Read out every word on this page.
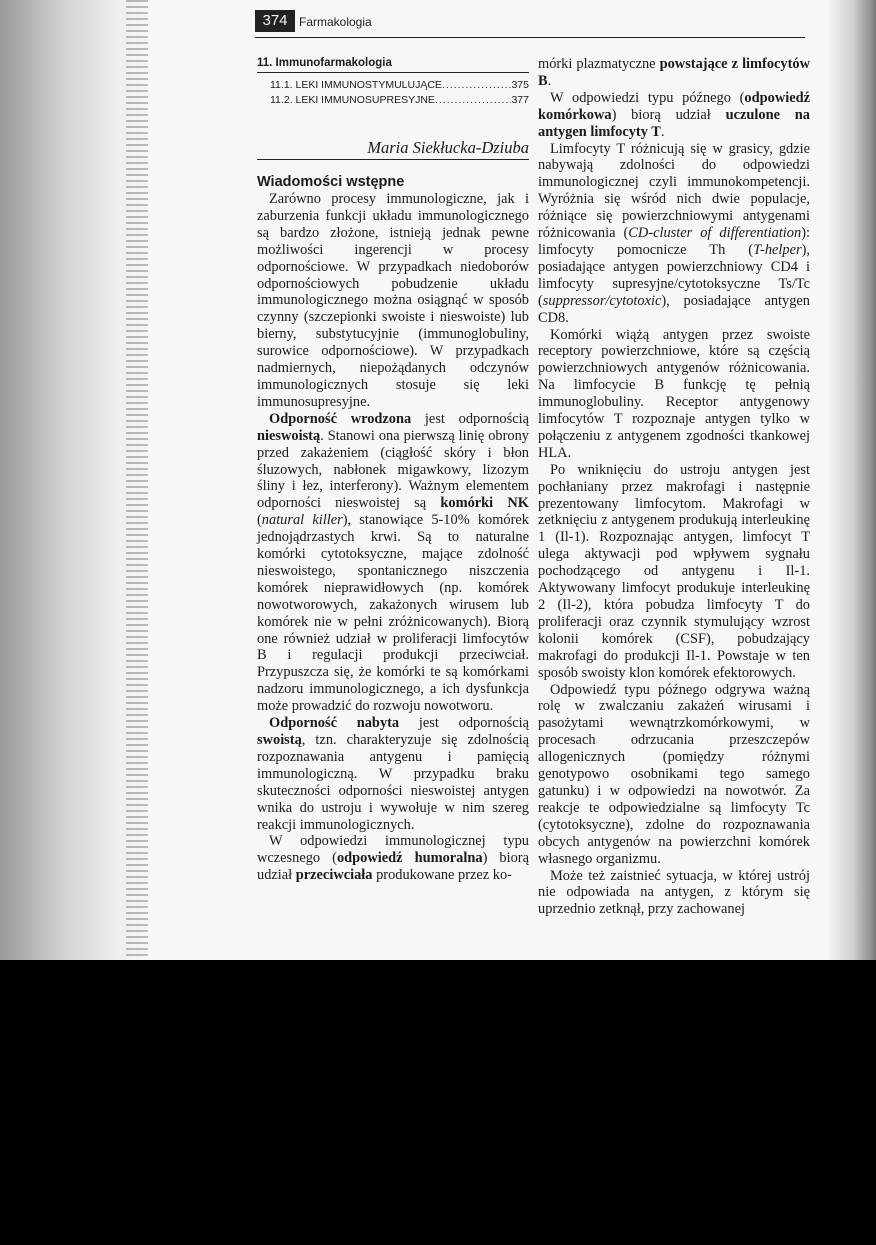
374 Farmakologia
11. Immunofarmakologia
11.1. LEKI IMMUNOSTYMULUJĄCE .....	375
11.2. LEKI IMMUNOSUPRESYJNE .....	377
Maria Siekłucka-Dziuba
Wiadomości wstępne

Zarówno procesy immunologiczne, jak i zaburzenia funkcji układu immunologicznego są bardzo złożone, istnieją jednak pewne możliwości ingerencji w procesy odpornościowe. W przypadkach niedoborów odpornościowych pobudzenie układu immunologicznego można osiągnąć w sposób czynny (szczepionki swoiste i nieswoiste) lub bierny, substytucyjnie (immunoglobuliny, surowice odpornościowe). W przypadkach nadmiernych, niepożądanych odczynów immunologicznych stosuje się leki immunosupresyjne.

Odporność wrodzona jest odpornością nieswoistą. Stanowi ona pierwszą linię obrony przed zakażeniem (ciągłość skóry i błon śluzowych, nabłonek migawkowy, lizozym śliny i łez, interferony). Ważnym elementem odporności nieswoistej są komórki NK (natural killer), stanowiące 5-10% komórek jednojądrzastych krwi. Są to naturalne komórki cytotoksyczne, mające zdolność nieswoistego, spontanicznego niszczenia komórek nieprawidłowych (np. komórek nowotworowych, zakażonych wirusem lub komórek nie w pełni zróżnicowanych). Biorą one również udział w proliferacji limfocytów B i regulacji produkcji przeciwciał. Przypuszcza się, że komórki te są komórkami nadzoru immunologicznego, a ich dysfunkcja może prowadzić do rozwoju nowotworu.

Odporność nabyta jest odpornością swoistą, tzn. charakteryzuje się zdolnością rozpoznawania antygenu i pamięcią immunologiczną. W przypadku braku skuteczności odporności nieswoistej antygen wnika do ustroju i wywołuje w nim szereg reakcji immunologicznych.

W odpowiedzi immunologicznej typu wczesnego (odpowiedź humoralna) biorą udział przeciwciała produkowane przez ko-

mórki plazmatyczne powstające z limfocytów B.

W odpowiedzi typu późnego (odpowiedź komórkowa) biorą udział uczulone na antygen limfocyty T.

Limfocyty T różnicują się w grasicy, gdzie nabywają zdolności do odpowiedzi immunologicznej czyli immunokompetencji. Wyróżnia się wśród nich dwie populacje, różniące się powierzchniowymi antygenami różnicowania (CD-cluster of differentiation): limfocyty pomocnicze Th (T-helper), posiadające antygen powierzchniowy CD4 i limfocyty supresyjne/cytotoksyczne Ts/Tc (suppressor/cytotoxic), posiadające antygen CD8.

Komórki wiążą antygen przez swoiste receptory powierzchniowe, które są częścią powierzchniowych antygenów różnicowania. Na limfocycie B funkcję tę pełnią immunoglobuliny. Receptor antygenowy limfocytów T rozpoznaje antygen tylko w połączeniu z antygenem zgodności tkankowej HLA.

Po wniknięciu do ustroju antygen jest pochłaniany przez makrofagi i następnie prezentowany limfocytom. Makrofagi w zetknięciu z antygenem produkują interleukinę 1 (Il-1). Rozpoznając antygen, limfocyt T ulega aktywacji pod wpływem sygnału pochodzącego od antygenu i Il-1. Aktywowany limfocyt produkuje interleukinę 2 (Il-2), która pobudza limfocyty T do proliferacji oraz czynnik stymulujący wzrost kolonii komórek (CSF), pobudzający makrofagi do produkcji Il-1. Powstaje w ten sposób swoisty klon komórek efektorowych.

Odpowiedź typu późnego odgrywa ważną rolę w zwalczaniu zakażeń wirusami i pasożytami wewnątrzkomórkowymi, w procesach odrzucania przeszczepów allogenicznych (pomiędzy różnymi genotypowo osobnikami tego samego gatunku) i w odpowiedzi na nowotwór. Za reakcje te odpowiedzialne są limfocyty Tc (cytotoksyczne), zdolne do rozpoznawania obcych antygenów na powierzchni komórek własnego organizmu.

Może też zaistnieć sytuacja, w której ustrój nie odpowiada na antygen, z którym się uprzednio zetknął, przy zachowanej
